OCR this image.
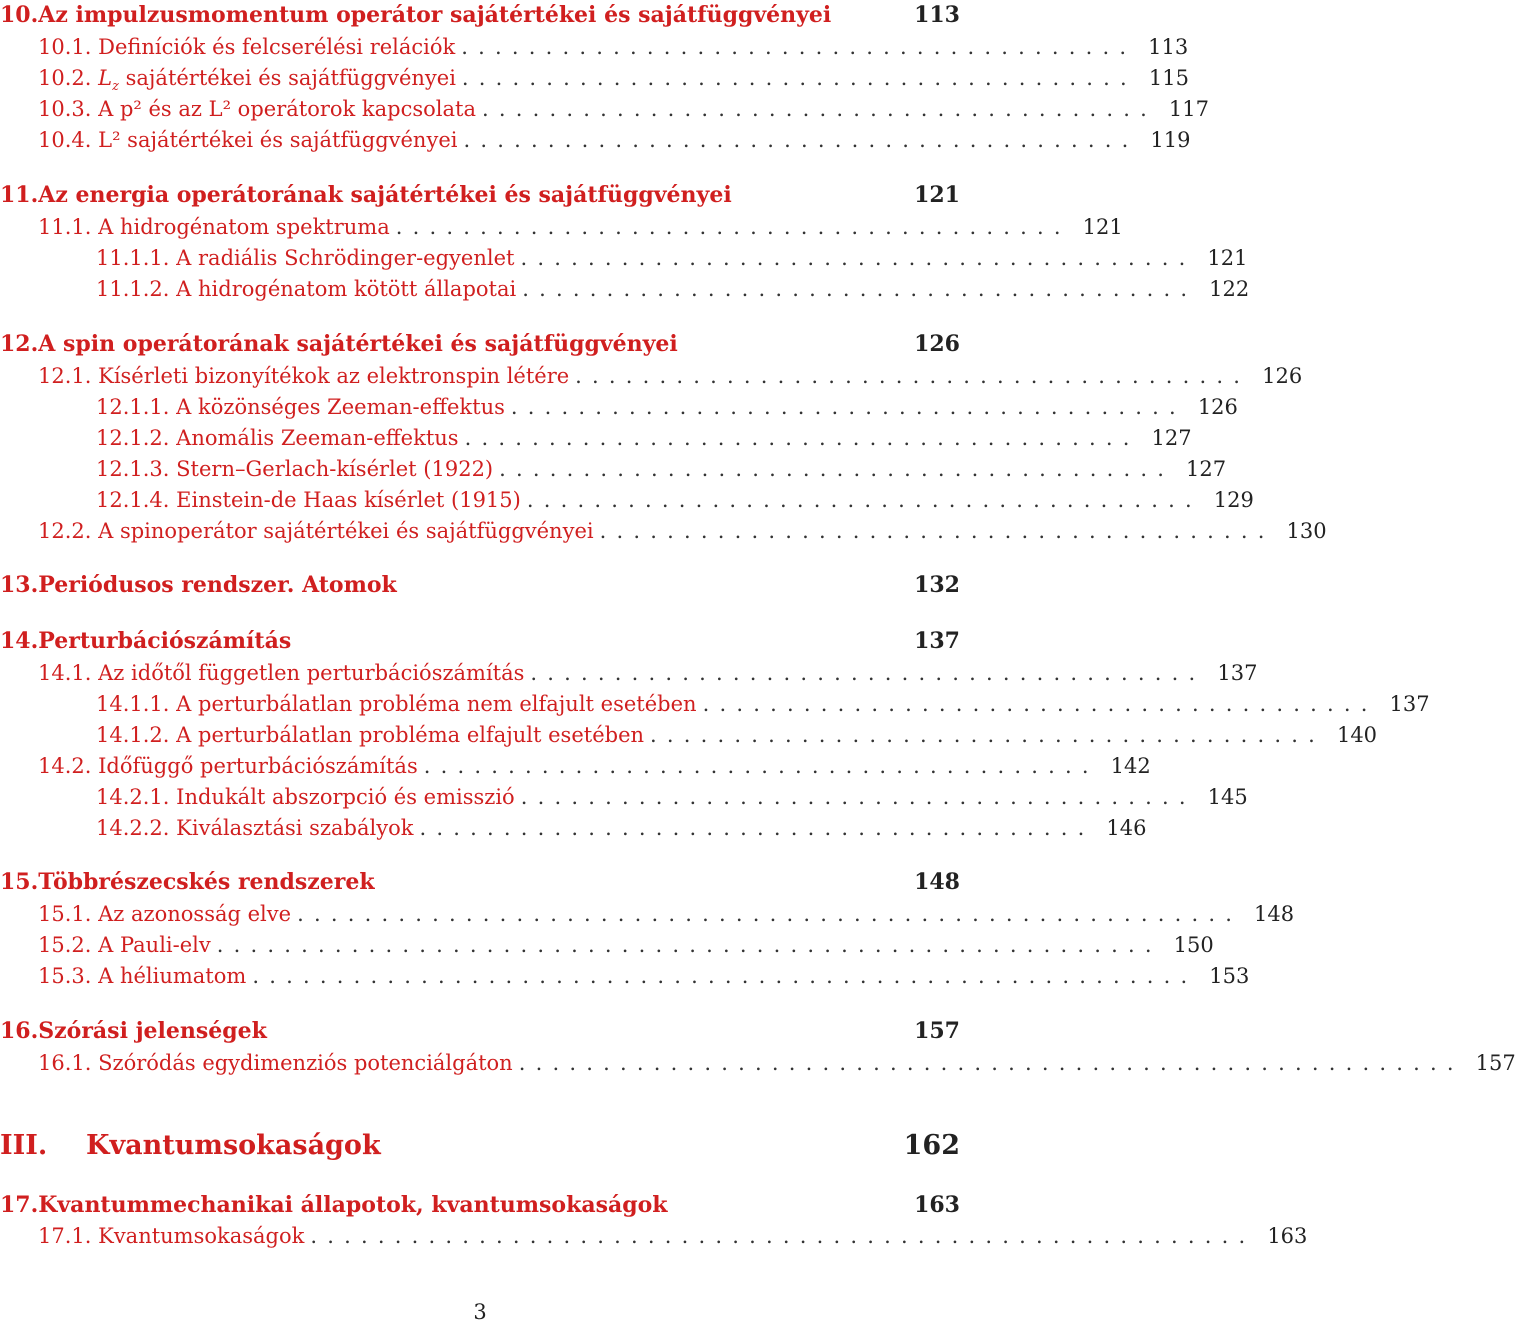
10. Az impulzusmomentum operátor sajátértékei és sajátfüggvényei	113
10.1.
Definíciók és felcserélési relációk ........................................ 113
10.2.
$L_z$ sajátértékei és sajátfüggvényei ........................................ 115
10.3.
A p² és az L² operátorok kapcsolata ........................................ 117
10.4.
L² sajátértékei és sajátfüggvényei ........................................ 119
11. Az energia operátorának sajátértékei és sajátfüggvényei	121
11.1.
A hidrogénatom spektruma ........................................ 121
11.1.1.
A radiális Schrödinger-egyenlet ........................................ 121
11.1.2.
A hidrogénatom kötött állapotai ........................................ 122
12. A spin operátorának sajátértékei és sajátfüggvényei	126
12.1.
Kísérleti bizonyítékok az elektronspin létére ........................................ 126
12.1.1.
A közönséges Zeeman-effektus ........................................ 126
12.1.2.
Anomális Zeeman-effektus ........................................ 127
12.1.3.
Stern–Gerlach-kísérlet (1922) ........................................ 127
12.1.4.
Einstein-de Haas kísérlet (1915) ........................................ 129
12.2.
A spinoperátor sajátértékei és sajátfüggvényei ........................................ 130
13. Periódusos rendszer. Atomok	132
14. Perturbációszámítás	137
14.1.
Az időtől független perturbációszámítás ........................................ 137
14.1.1.
A perturbálatlan probléma nem elfajult esetében ........................................ 137
14.1.2.
A perturbálatlan probléma elfajult esetében ........................................ 140
14.2.
Időfüggő perturbációszámítás ........................................ 142
14.2.1.
Indukált abszorpció és emisszió ........................................ 145
14.2.2.
Kiválasztási szabályok ........................................ 146
15. Többrészecskés rendszerek	148
15.1.
Az azonosság elve ........................................................ 148
15.2.
A Pauli-elv ........................................................ 150
15.3.
A héliumatom ........................................................ 153
16. Szórási jelenségek	157
16.1.
Szóródás egydimenziós potenciálgáton ........................................................ 157
III.	Kvantumsokaságok	162
17. Kvantummechanikai állapotok, kvantumsokaságok	163
17.1.
Kvantumsokaságok ........................................................ 163
3
